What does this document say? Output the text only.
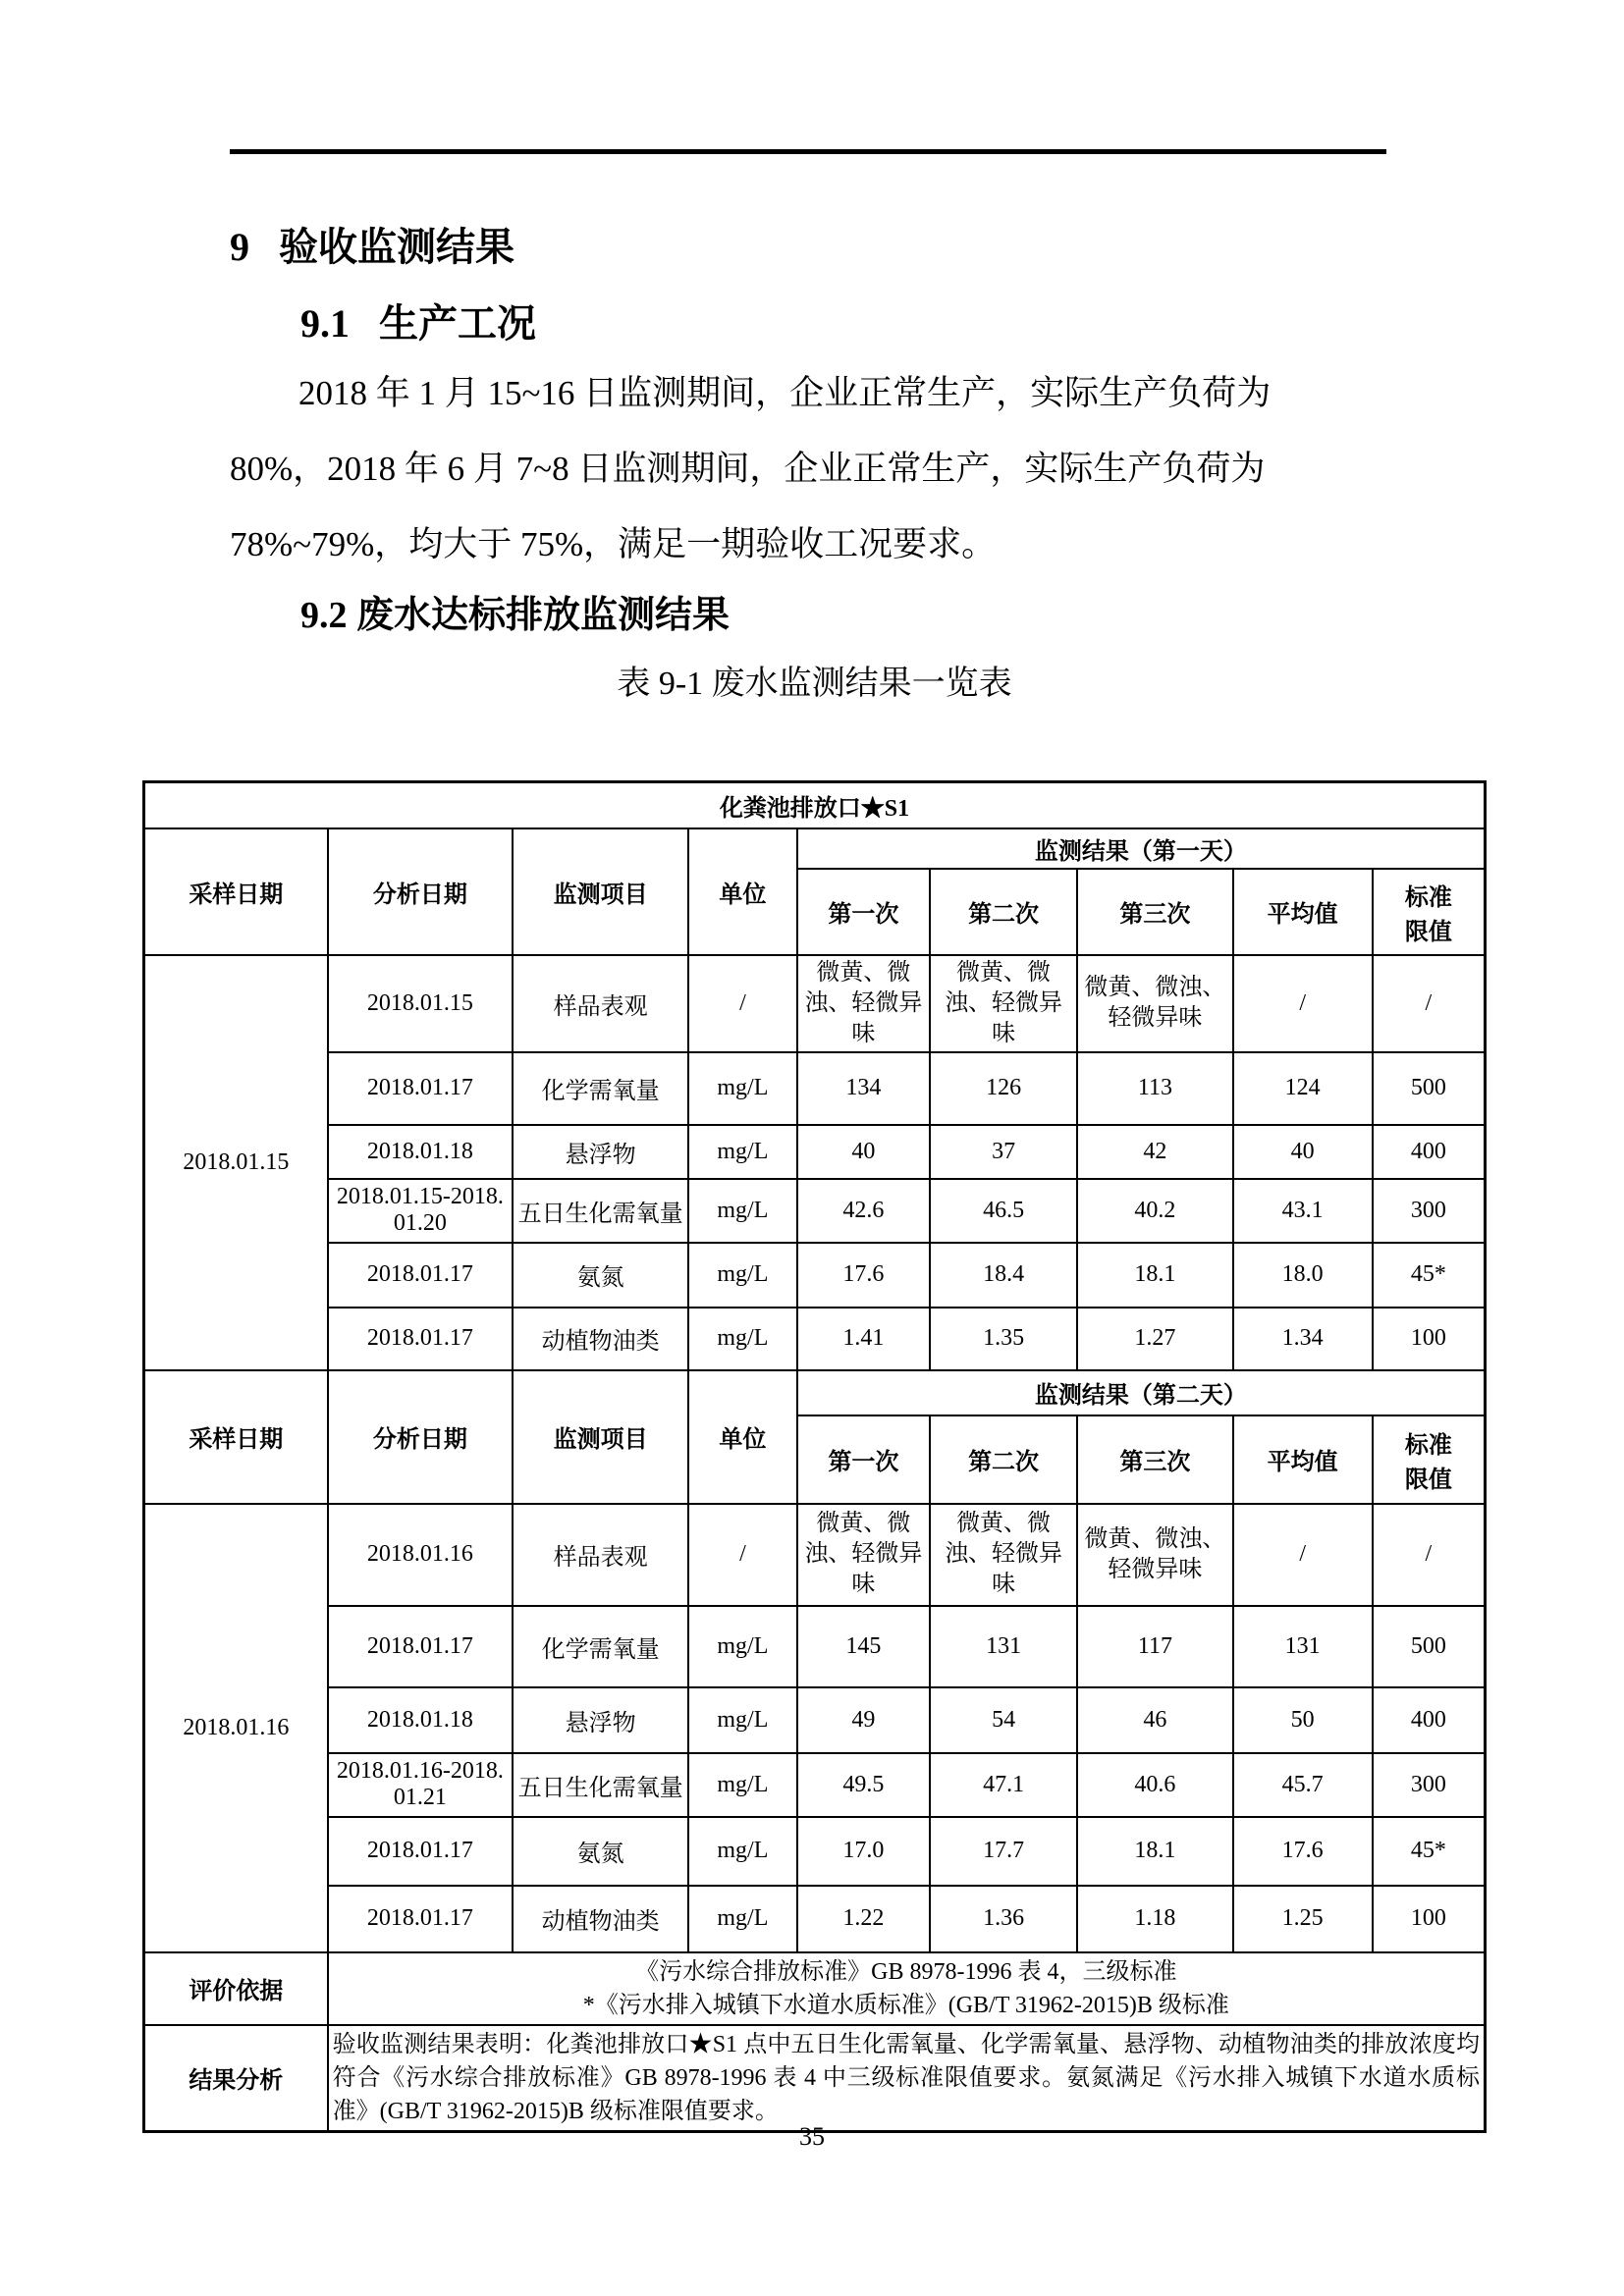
9   验收监测结果
9.1   生产工况
2018 年 1 月 15~16 日监测期间，企业正常生产，实际生产负荷为
80%，2018 年 6 月 7~8 日监测期间，企业正常生产，实际生产负荷为
78%~79%，均大于 75%，满足一期验收工况要求。
9.2 废水达标排放监测结果
表 9-1 废水监测结果一览表
化粪池排放口★S1								
采样日期	分析日期	监测项目	单位	监测结果（第一天）				
				第一次	第二次	第三次	平均值	标准
限值

2018.01.15	2018.01.15	样品表观	/	微黄、微浊、轻微异味	微黄、微浊、轻微异味	微黄、微浊、轻微异味	/	/
	2018.01.17	化学需氧量	mg/L	134	126	113	124	500
	2018.01.18	悬浮物	mg/L	40	37	42	40	400
	2018.01.15-2018.01.20	五日生化需氧量	mg/L	42.6	46.5	40.2	43.1	300
	2018.01.17	氨氮	mg/L	17.6	18.4	18.1	18.0	45*
	2018.01.17	动植物油类	mg/L	1.41	1.35	1.27	1.34	100
采样日期	分析日期	监测项目	单位	监测结果（第二天）				
				第一次	第二次	第三次	平均值	标准
限值

2018.01.16	2018.01.16	样品表观	/	微黄、微浊、轻微异味	微黄、微浊、轻微异味	微黄、微浊、轻微异味	/	/
	2018.01.17	化学需氧量	mg/L	145	131	117	131	500
	2018.01.18	悬浮物	mg/L	49	54	46	50	400
	2018.01.16-2018.01.21	五日生化需氧量	mg/L	49.5	47.1	40.6	45.7	300
	2018.01.17	氨氮	mg/L	17.0	17.7	18.1	17.6	45*
	2018.01.17	动植物油类	mg/L	1.22	1.36	1.18	1.25	100
评价依据	《污水综合排放标准》GB 8978-1996 表 4，三级标准
*《污水排入城镇下水道水质标准》(GB/T 31962-2015)B 级标准							

结果分析	验收监测结果表明：化粪池排放口★S1 点中五日生化需氧量、化学需氧量、悬浮物、动植物油类的排放浓度均符合《污水综合排放标准》GB 8978-1996 表 4 中三级标准限值要求。氨氮满足《污水排入城镇下水道水质标准》(GB/T 31962-2015)B 级标准限值要求。							
35
